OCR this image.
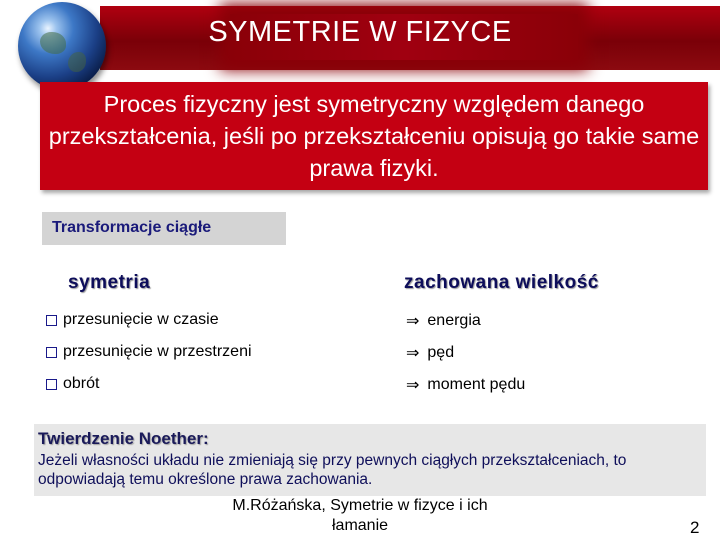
SYMETRIE W FIZYCE
Proces fizyczny jest symetryczny względem danego przekształcenia, jeśli po przekształceniu opisują go takie same prawa fizyki.
Transformacje ciągłe
symetria	zachowana wielkość
przesunięcie w czasie	⇒ energia
przesunięcie w przestrzeni	⇒ pęd
obrót	⇒ moment pędu
Twierdzenie Noether:
Jeżeli własności układu nie zmieniają się przy pewnych ciągłych przekształceniach, to odpowiadają temu określone prawa zachowania.
M.Różańska, Symetrie w fizyce i ich
łamanie	2
